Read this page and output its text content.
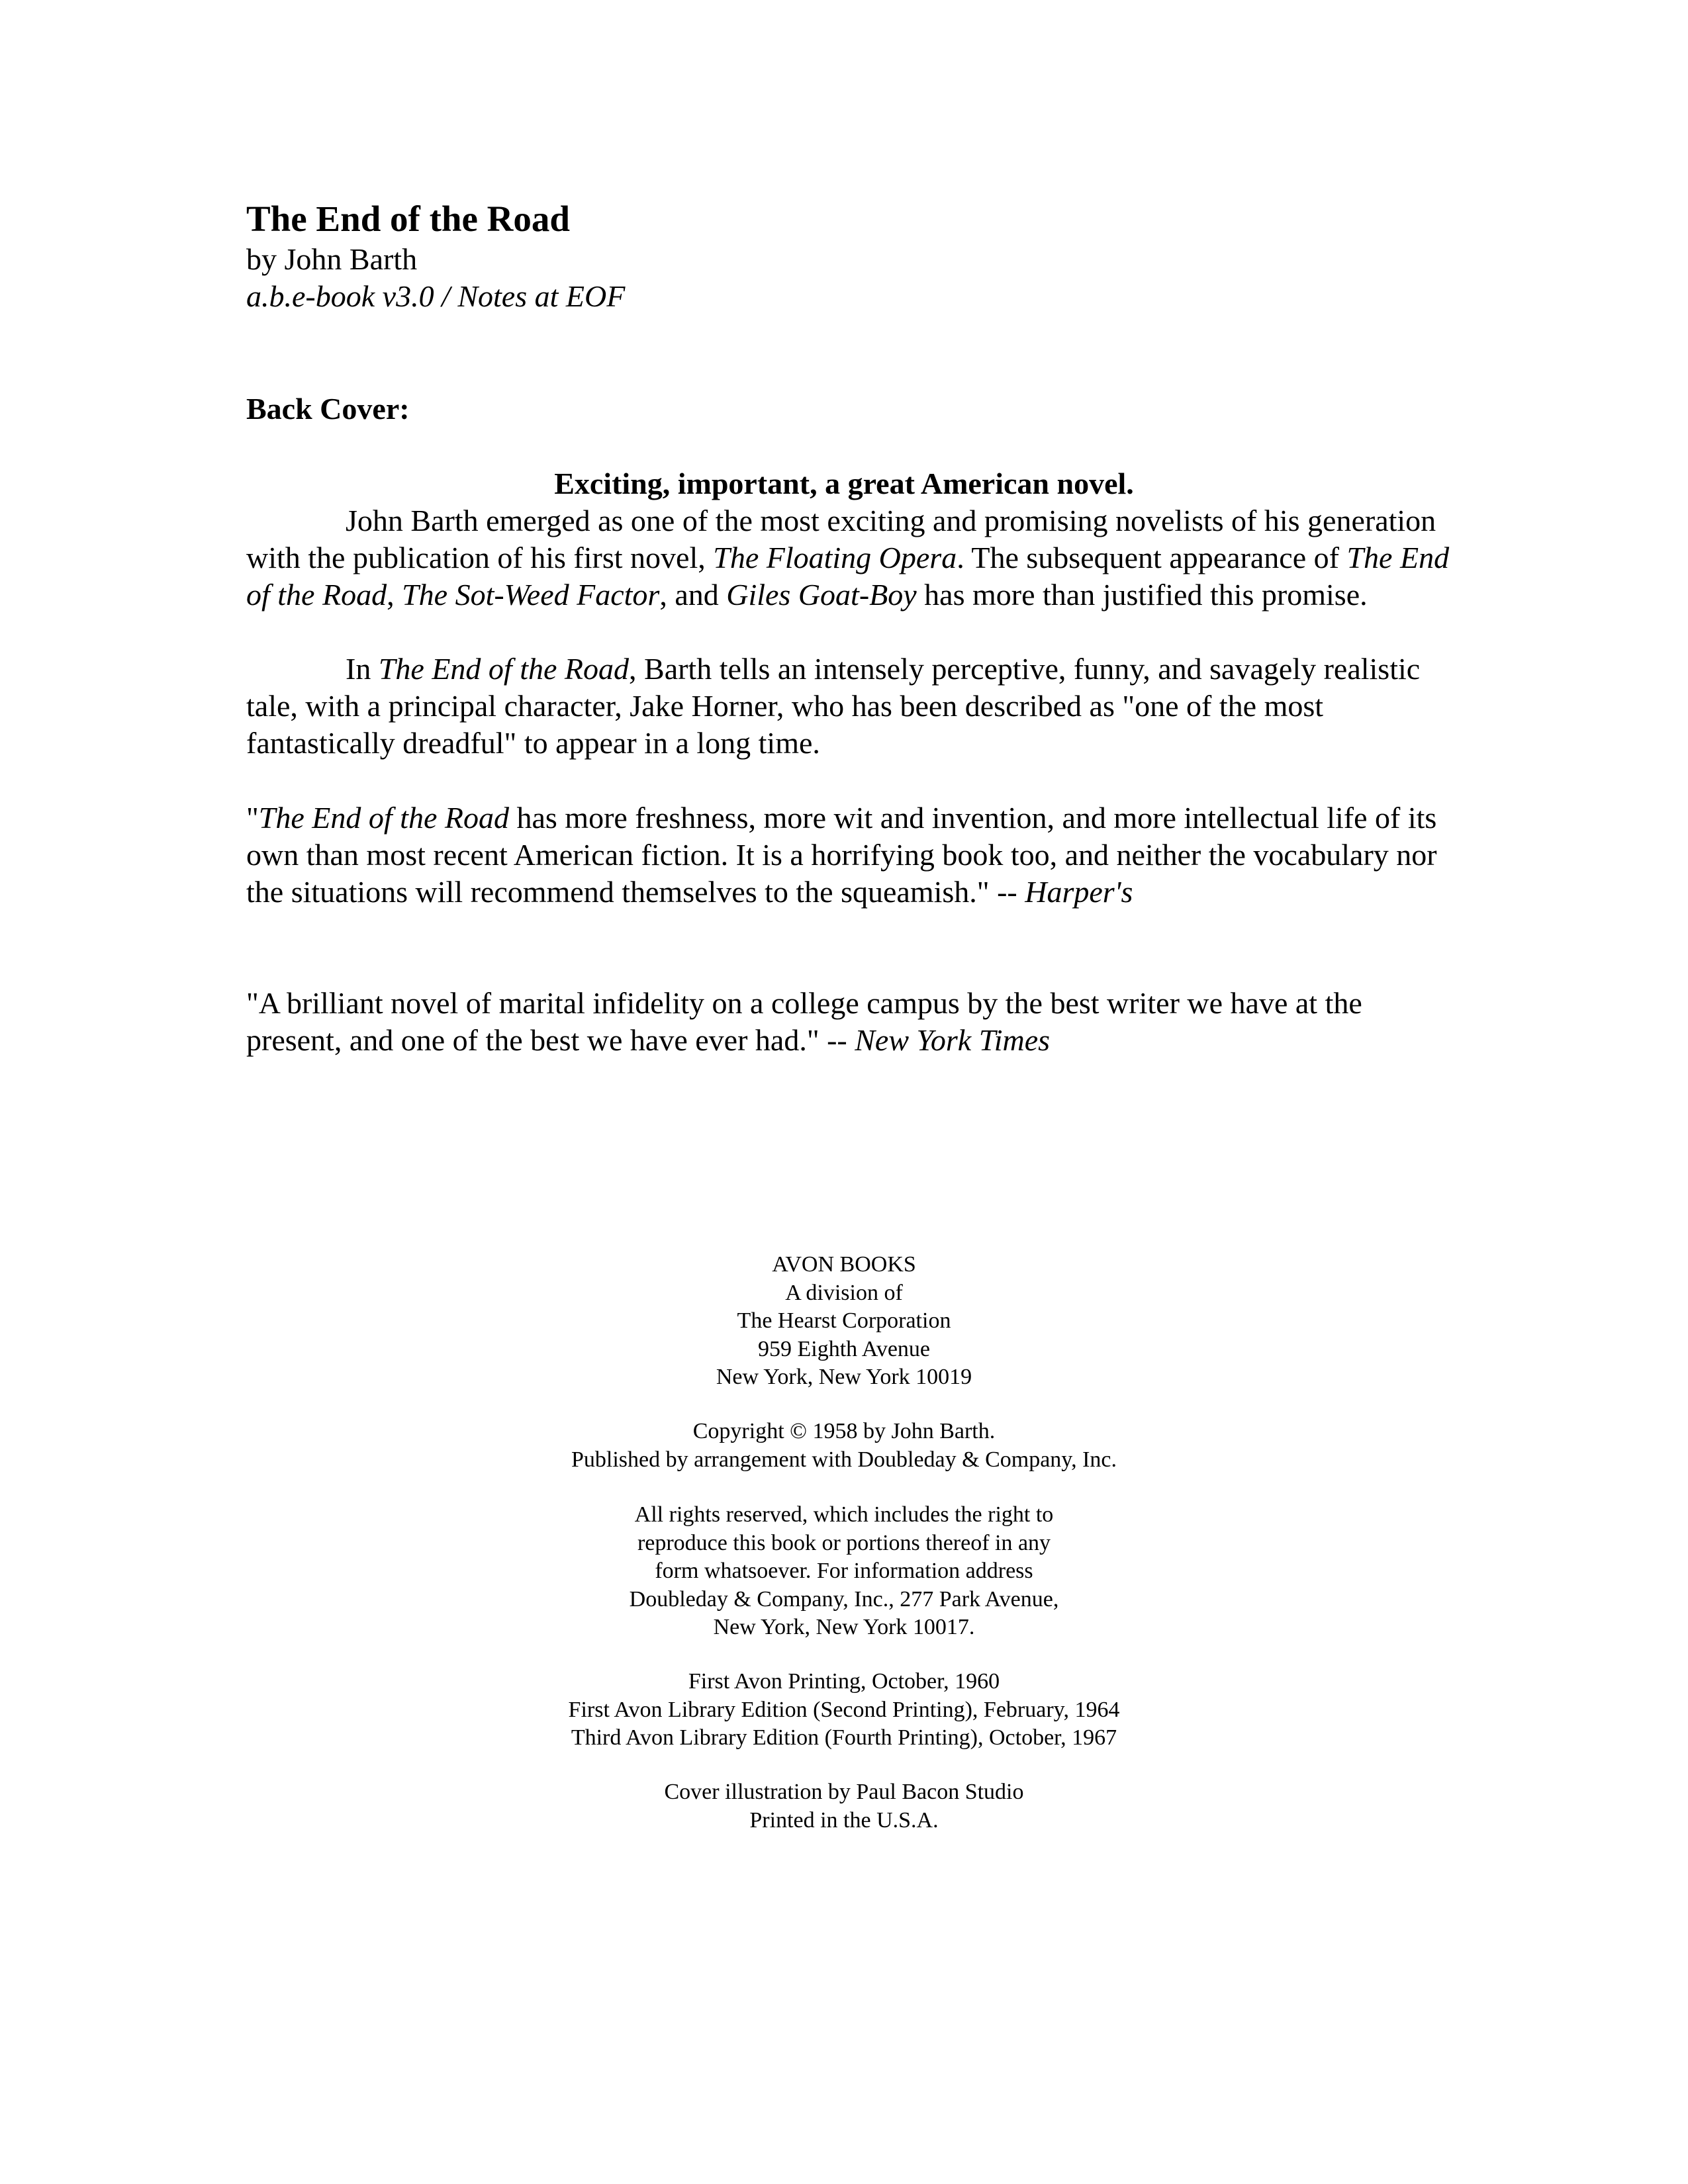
The End of the Road
by John Barth
a.b.e-book v3.0 / Notes at EOF
Back Cover:
Exciting, important, a great American novel.

John Barth emerged as one of the most exciting and promising novelists of his generation with the publication of his first novel, The Floating Opera. The subsequent appearance of The End of the Road, The Sot-Weed Factor, and Giles Goat-Boy has more than justified this promise.

In The End of the Road, Barth tells an intensely perceptive, funny, and savagely realistic tale, with a principal character, Jake Horner, who has been described as "one of the most fantastically dreadful" to appear in a long time.

"The End of the Road has more freshness, more wit and invention, and more intellectual life of its own than most recent American fiction. It is a horrifying book too, and neither the vocabulary nor the situations will recommend themselves to the squeamish." -- Harper's

"A brilliant novel of marital infidelity on a college campus by the best writer we have at the present, and one of the best we have ever had." -- New York Times

AVON BOOKS
A division of
The Hearst Corporation
959 Eighth Avenue
New York, New York 10019
Copyright © 1958 by John Barth.
Published by arrangement with Doubleday & Company, Inc.
All rights reserved, which includes the right to
reproduce this book or portions thereof in any
form whatsoever. For information address
Doubleday & Company, Inc., 277 Park Avenue,
New York, New York 10017.
First Avon Printing, October, 1960
First Avon Library Edition (Second Printing), February, 1964
Third Avon Library Edition (Fourth Printing), October, 1967
Cover illustration by Paul Bacon Studio
Printed in the U.S.A.
